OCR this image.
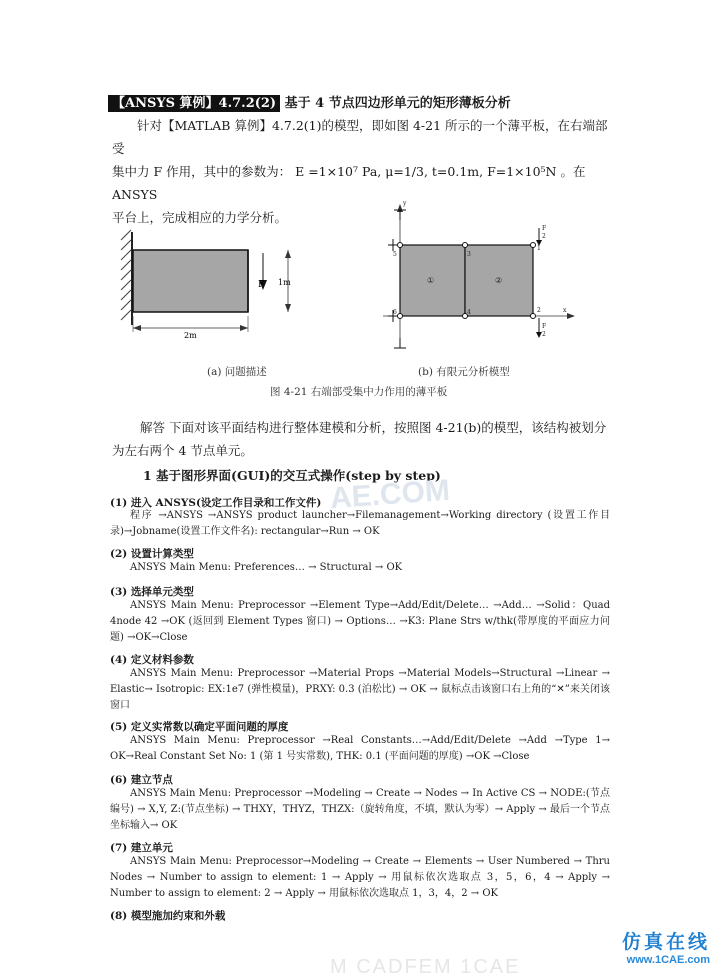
【ANSYS 算例】4.7.2(2) 基于 4 节点四边形单元的矩形薄板分析
针对【MATLAB 算例】4.7.2(1)的模型，即如图 4-21 所示的一个薄平板，在右端部受
集中力 F 作用，其中的参数为： E =1×10⁷ Pa, μ=1/3, t=0.1m, F=1×10⁵N 。在 ANSYS
平台上，完成相应的力学分析。
F 1m
2m
y
x
5
6
3
4
1
2
①	②
F
2
F
2
(a) 问题描述	(b) 有限元分析模型
图 4-21 右端部受集中力作用的薄平板
解答 下面对该平面结构进行整体建模和分析，按照图 4-21(b)的模型，该结构被划分
为左右两个 4 节点单元。
1 基于图形界面(GUI)的交互式操作(step by step)
(1) 进入 ANSYS(设定工作目录和工作文件)
程序 →ANSYS →ANSYS product launcher→Filemanagement→Working directory (设置工作目录)→Jobname(设置工作文件名): rectangular→Run → OK
(2) 设置计算类型
ANSYS Main Menu: Preferences… → Structural → OK
(3) 选择单元类型
ANSYS Main Menu: Preprocessor →Element Type→Add/Edit/Delete… →Add… →Solid：Quad 4node 42 →OK (返回到 Element Types 窗口) → Options… →K3: Plane Strs w/thk(带厚度的平面应力问题) →OK→Close
(4) 定义材料参数
ANSYS Main Menu: Preprocessor →Material Props →Material Models→Structural →Linear → Elastic→ Isotropic: EX:1e7 (弹性模量)，PRXY: 0.3 (泊松比) → OK → 鼠标点击该窗口右上角的“✕”来关闭该窗口
(5) 定义实常数以确定平面问题的厚度
ANSYS Main Menu: Preprocessor →Real Constants…→Add/Edit/Delete →Add →Type 1→ OK→Real Constant Set No: 1 (第 1 号实常数), THK: 0.1 (平面问题的厚度) →OK →Close
(6) 建立节点
ANSYS Main Menu: Preprocessor →Modeling → Create → Nodes → In Active CS → NODE:(节点编号) → X,Y, Z:(节点坐标) → THXY，THYZ，THZX:（旋转角度，不填，默认为零）→ Apply → 最后一个节点坐标输入→ OK
(7) 建立单元
ANSYS Main Menu: Preprocessor→Modeling → Create → Elements → User Numbered → Thru Nodes → Number to assign to element: 1 → Apply → 用鼠标依次选取点 3，5，6，4 → Apply → Number to assign to element: 2 → Apply → 用鼠标依次选取点 1，3，4，2 → OK
(8) 模型施加约束和外载
AE.COM
M CADFEM 1CAE
仿真在线
www.1CAE.com
